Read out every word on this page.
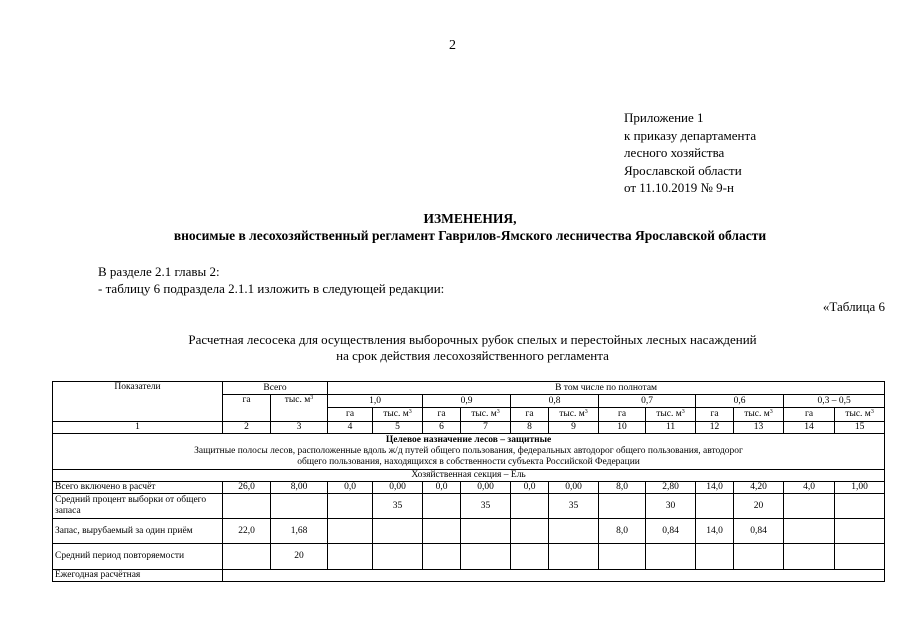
2
Приложение 1
к приказу департамента
лесного хозяйства
Ярославской области
от 11.10.2019 № 9-н
ИЗМЕНЕНИЯ,
вносимые в лесохозяйственный регламент Гаврилов-Ямского лесничества Ярославской области
В разделе 2.1 главы 2:
- таблицу 6 подраздела 2.1.1 изложить в следующей редакции:
«Таблица 6
Расчетная лесосека для осуществления выборочных рубок спелых и перестойных лесных насаждений
на срок действия лесохозяйственного регламента
Показатели	Всего		В том числе по полнотам											
	га	тыс. $м^3$	1,0		0,9		0,8		0,7		0,6		0,3 – 0,5	
			га	тыс. $м^3$	га	тыс. $м^3$	га	тыс. $м^3$	га	тыс. $м^3$	га	тыс. $м^3$	га	тыс. $м^3$
1	2	3	4	5	6	7	8	9	10	11	12	13	14	15

Целевое назначение лесов – защитные
Защитные полосы лесов, расположенные вдоль ж/д путей общего пользования, федеральных автодорог общего пользования, автодорог
общего пользования, находящихся в собственности субъекта Российской Федерации														

Хозяйственная секция – Ель														
Всего включено в расчёт	26,0	8,00	0,0	0,00	0,0	0,00	0,0	0,00	8,0	2,80	14,0	4,20	4,0	1,00
Средний процент выборки от общего запаса				35		35		35		30		20		
Запас, вырубаемый за один приём	22,0	1,68							8,0	0,84	14,0	0,84		
Средний период повторяемости		20												
Ежегодная расчётная														
